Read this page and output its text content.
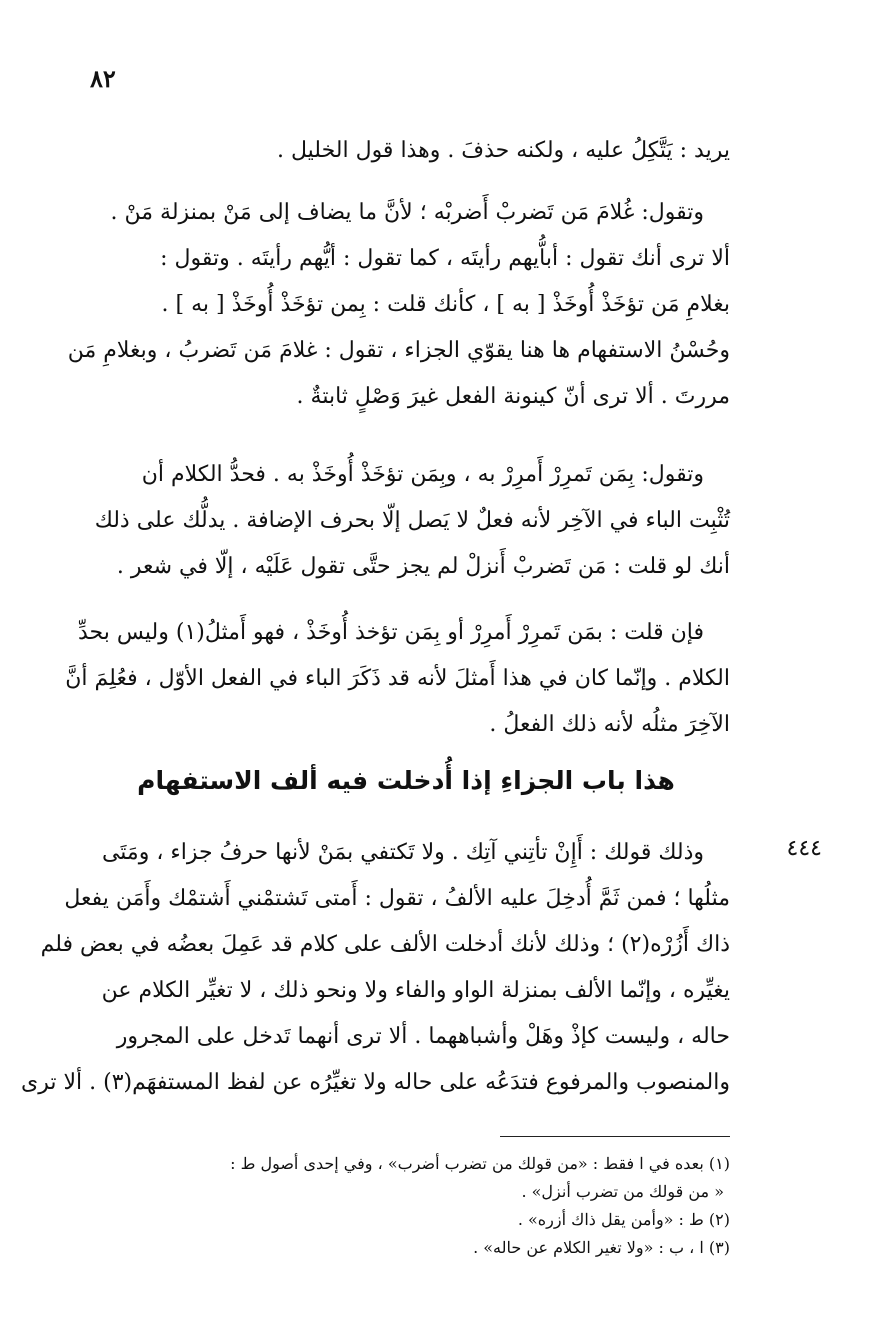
٨٢
يريد : يَتَّكِلُ عليه ، ولكنه حذفَ . وهذا قول الخليل .
وتقول: غُلامَ مَن تَضربْ أَضربْه ؛ لأنَّ ما يضاف إلى مَنْ بمنزلة مَنْ .
ألا ترى أنك تقول : أباُّيهم رأيتَه ، كما تقول : أيُّهم رأيتَه . وتقول :
بغلامِ مَن تؤخَذْ أُوخَذْ [ به ] ، كأنك قلت : بِمن تؤخَذْ أُوخَذْ [ به ] .
وحُسْنُ الاستفهام ها هنا يقوّي الجزاء ، تقول : غلامَ مَن تَضربُ ، وبغلامِ مَن
مررتَ . ألا ترى أنّ كينونة الفعل غيرَ وَصْلٍ ثابتةٌ .
وتقول: بِمَن تَمرِرْ أَمرِرْ به ، وبِمَن تؤخَذْ أُوخَذْ به . فحدُّ الكلام أن
تُثْبِت الباء في الآخِر لأنه فعلٌ لا يَصل إلّا بحرف الإضافة . يدلُّك على ذلك
أنك لو قلت : مَن تَضربْ أَنزلْ لم يجز حتَّى تقول عَلَيْه ، إلّا في شعر .
فإن قلت : بمَن تَمرِرْ أَمرِرْ أو بِمَن تؤخذ أُوخَذْ ، فهو أَمثلُ(١) وليس بحدِّ
الكلام . وإنّما كان في هذا أَمثلَ لأنه قد ذَكَرَ الباء في الفعل الأوّل ، فعُلِمَ أنَّ
الآخِرَ مثلُه لأنه ذلك الفعلُ .
هذا باب الجزاءِ إذا أُدخلت فيه ألف الاستفهام
٤٤٤
وذلك قولك : أَإِنْ تأتِني آتِك . ولا تَكتفي بمَنْ لأنها حرفُ جزاء ، ومَتَى
مثلُها ؛ فمن ثَمَّ أُدخِلَ عليه الألفُ ، تقول : أَمتى تَشتمْني أَشتمْك وأَمَن يفعل
ذاك أَزُرْه(٢) ؛ وذلك لأنك أدخلت الألف على كلام قد عَمِلَ بعضُه في بعض فلم
يغيِّره ، وإنّما الألف بمنزلة الواو والفاء ولا ونحو ذلك ، لا تغيِّر الكلام عن
حاله ، وليست كإذْ وهَلْ وأشباههما . ألا ترى أنهما تَدخل على المجرور
والمنصوب والمرفوع فتدَعُه على حاله ولا تغيِّرُه عن لفظ المستفهَم(٣) . ألا ترى
(١) بعده في ا فقط : «من قولك من تضرب أضرب» ، وفي إحدى أصول ط :
« من قولك من تضرب أنزل» .
(٢) ط : «وأمن يقل ذاك أزره» .
(٣) ا ، ب : «ولا تغير الكلام عن حاله» .
